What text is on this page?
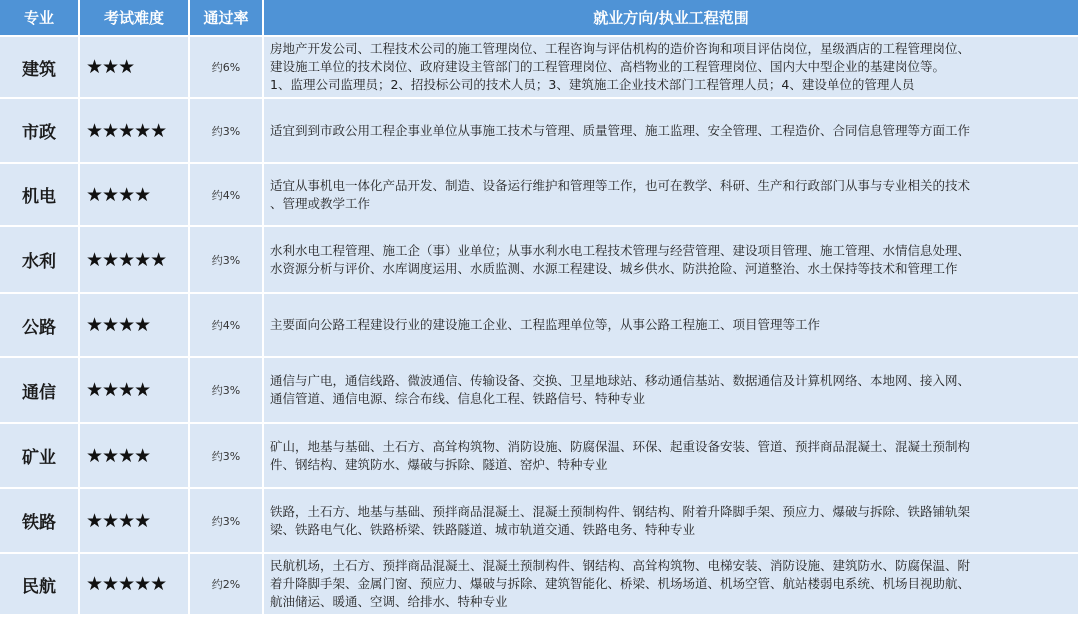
专业	考试难度	通过率	就业方向/执业工程范围
建筑	★★★	约6%	房地产开发公司、工程技术公司的施工管理岗位、工程咨询与评估机构的造价咨询和项目评估岗位，星级酒店的工程管理岗位、
建设施工单位的技术岗位、政府建设主管部门的工程管理岗位、高档物业的工程管理岗位、国内大中型企业的基建岗位等。
1、监理公司监理员；2、招投标公司的技术人员；3、建筑施工企业技术部门工程管理人员；4、建设单位的管理人员

市政	★★★★★	约3%	适宜到到市政公用工程企事业单位从事施工技术与管理、质量管理、施工监理、安全管理、工程造价、合同信息管理等方面工作

机电	★★★★	约4%	适宜从事机电一体化产品开发、制造、设备运行维护和管理等工作，也可在教学、科研、生产和行政部门从事与专业相关的技术
、管理或教学工作

水利	★★★★★	约3%	水利水电工程管理、施工企（事）业单位；从事水利水电工程技术管理与经营管理、建设项目管理、施工管理、水情信息处理、
水资源分析与评价、水库调度运用、水质监测、水源工程建设、城乡供水、防洪抢险、河道整治、水土保持等技术和管理工作

公路	★★★★	约4%	主要面向公路工程建设行业的建设施工企业、工程监理单位等，从事公路工程施工、项目管理等工作

通信	★★★★	约3%	通信与广电，通信线路、微波通信、传输设备、交换、卫星地球站、移动通信基站、数据通信及计算机网络、本地网、接入网、
通信管道、通信电源、综合布线、信息化工程、铁路信号、特种专业

矿业	★★★★	约3%	矿山，地基与基础、土石方、高耸构筑物、消防设施、防腐保温、环保、起重设备安装、管道、预拌商品混凝土、混凝土预制构
件、钢结构、建筑防水、爆破与拆除、隧道、窑炉、特种专业

铁路	★★★★	约3%	铁路，土石方、地基与基础、预拌商品混凝土、混凝土预制构件、钢结构、附着升降脚手架、预应力、爆破与拆除、铁路铺轨架
梁、铁路电气化、铁路桥梁、铁路隧道、城市轨道交通、铁路电务、特种专业

民航	★★★★★	约2%	民航机场，土石方、预拌商品混凝土、混凝土预制构件、钢结构、高耸构筑物、电梯安装、消防设施、建筑防水、防腐保温、附
着升降脚手架、金属门窗、预应力、爆破与拆除、建筑智能化、桥梁、机场场道、机场空管、航站楼弱电系统、机场目视助航、
航油储运、暖通、空调、给排水、特种专业
